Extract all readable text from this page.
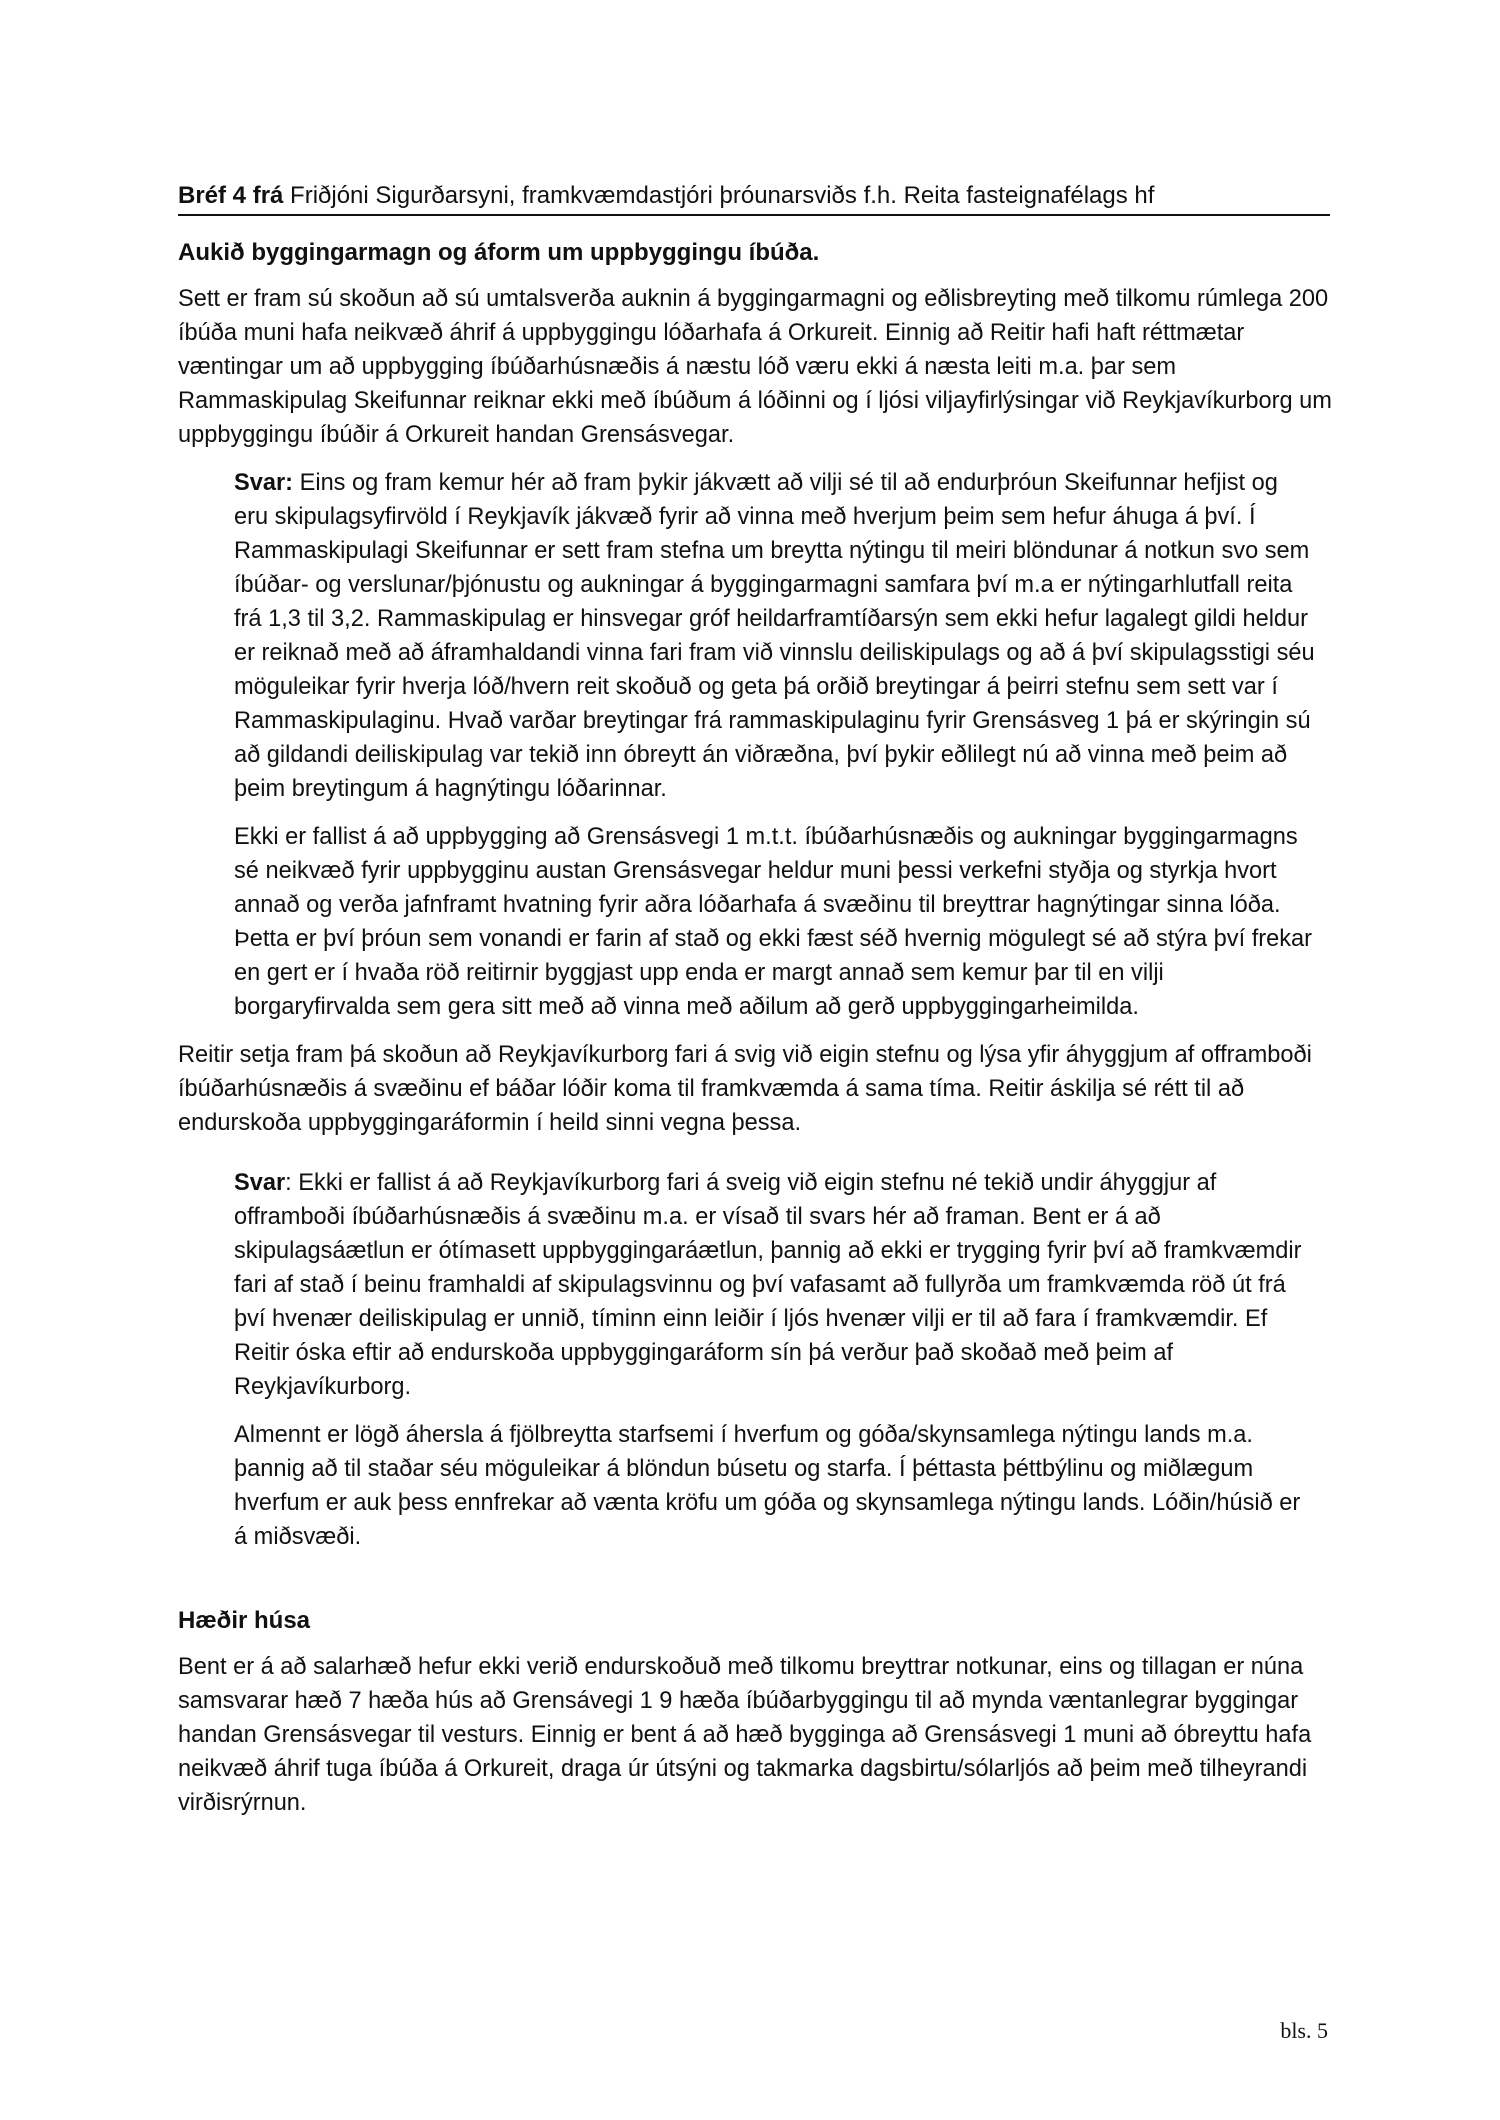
Bréf 4 frá Friðjóni Sigurðarsyni, framkvæmdastjóri þróunarsviðs f.h. Reita fasteignafélags hf
Aukið byggingarmagn og áform um uppbyggingu íbúða.

Sett er fram sú skoðun að sú umtalsverða auknin á byggingarmagni og eðlisbreyting með tilkomu rúmlega 200 íbúða muni hafa neikvæð áhrif á uppbyggingu lóðarhafa á Orkureit. Einnig að Reitir hafi haft réttmætar væntingar um að uppbygging íbúðarhúsnæðis á næstu lóð væru ekki á næsta leiti m.a. þar sem Rammaskipulag Skeifunnar reiknar ekki með íbúðum á lóðinni og í ljósi viljayfirlýsingar við Reykjavíkurborg um uppbyggingu íbúðir á Orkureit handan Grensásvegar.

Svar: Eins og fram kemur hér að fram þykir jákvætt að vilji sé til að endurþróun Skeifunnar hefjist og eru skipulagsyfirvöld í Reykjavík jákvæð fyrir að vinna með hverjum þeim sem hefur áhuga á því. Í Rammaskipulagi Skeifunnar er sett fram stefna um breytta nýtingu til meiri blöndunar á notkun svo sem íbúðar- og verslunar/þjónustu og aukningar á byggingarmagni samfara því m.a er nýtingarhlutfall reita frá 1,3 til 3,2. Rammaskipulag er hinsvegar gróf heildarframtíðarsýn sem ekki hefur lagalegt gildi heldur er reiknað með að áframhaldandi vinna fari fram við vinnslu deiliskipulags og að á því skipulagsstigi séu möguleikar fyrir hverja lóð/hvern reit skoðuð og geta þá orðið breytingar á þeirri stefnu sem sett var í Rammaskipulaginu. Hvað varðar breytingar frá rammaskipulaginu fyrir Grensásveg 1 þá er skýringin sú að gildandi deiliskipulag var tekið inn óbreytt án viðræðna, því þykir eðlilegt nú að vinna með þeim að þeim breytingum á hagnýtingu lóðarinnar.

Ekki er fallist á að uppbygging að Grensásvegi 1 m.t.t. íbúðarhúsnæðis og aukningar byggingarmagns sé neikvæð fyrir uppbygginu austan Grensásvegar heldur muni þessi verkefni styðja og styrkja hvort annað og verða jafnframt hvatning fyrir aðra lóðarhafa á svæðinu til breyttrar hagnýtingar sinna lóða. Þetta er því þróun sem vonandi er farin af stað og ekki fæst séð hvernig mögulegt sé að stýra því frekar en gert er í hvaða röð reitirnir byggjast upp enda er margt annað sem kemur þar til en vilji borgaryfirvalda sem gera sitt með að vinna með aðilum að gerð uppbyggingarheimilda.

Reitir setja fram þá skoðun að Reykjavíkurborg fari á svig við eigin stefnu og lýsa yfir áhyggjum af offramboði íbúðarhúsnæðis á svæðinu ef báðar lóðir koma til framkvæmda á sama tíma. Reitir áskilja sé rétt til að endurskoða uppbyggingaráformin í heild sinni vegna þessa.

Svar: Ekki er fallist á að Reykjavíkurborg fari á sveig við eigin stefnu né tekið undir áhyggjur af offramboði íbúðarhúsnæðis á svæðinu m.a. er vísað til svars hér að framan. Bent er á að skipulagsáætlun er ótímasett uppbyggingaráætlun, þannig að ekki er trygging fyrir því að framkvæmdir fari af stað í beinu framhaldi af skipulagsvinnu og því vafasamt að fullyrða um framkvæmda röð út frá því hvenær deiliskipulag er unnið, tíminn einn leiðir í ljós hvenær vilji er til að fara í framkvæmdir. Ef Reitir óska eftir að endurskoða uppbyggingaráform sín þá verður það skoðað með þeim af Reykjavíkurborg.

Almennt er lögð áhersla á fjölbreytta starfsemi í hverfum og góða/skynsamlega nýtingu lands m.a. þannig að til staðar séu möguleikar á blöndun búsetu og starfa. Í þéttasta þéttbýlinu og miðlægum hverfum er auk þess ennfrekar að vænta kröfu um góða og skynsamlega nýtingu lands. Lóðin/húsið er á miðsvæði.

Hæðir húsa

Bent er á að salarhæð hefur ekki verið endurskoðuð með tilkomu breyttrar notkunar, eins og tillagan er núna samsvarar hæð 7 hæða hús að Grensávegi 1 9 hæða íbúðarbyggingu til að mynda væntanlegrar byggingar handan Grensásvegar til vesturs. Einnig er bent á að hæð bygginga að Grensásvegi 1 muni að óbreyttu hafa neikvæð áhrif tuga íbúða á Orkureit, draga úr útsýni og takmarka dagsbirtu/sólarljós að þeim með tilheyrandi virðisrýrnun.

bls. 5
